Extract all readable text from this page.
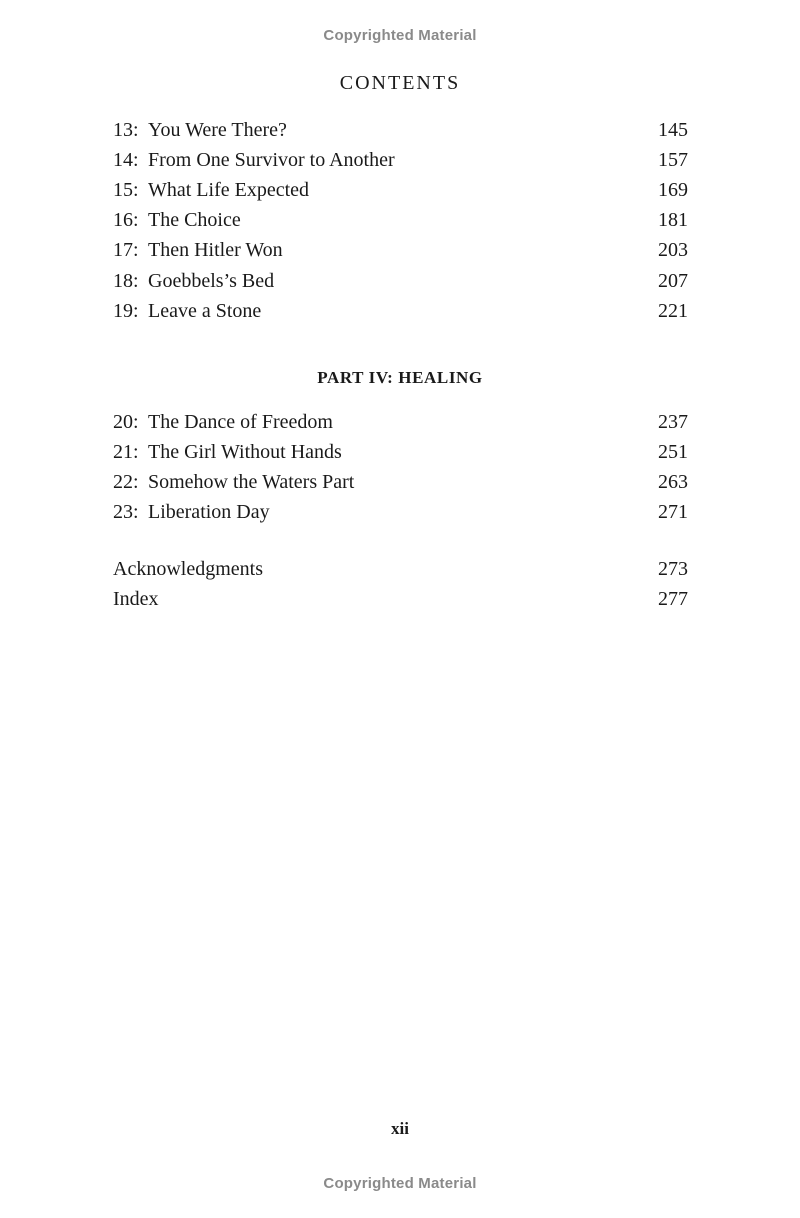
Copyrighted Material
CONTENTS
13: You Were There?	145
14: From One Survivor to Another	157
15: What Life Expected	169
16: The Choice	181
17: Then Hitler Won	203
18: Goebbels’s Bed	207
19: Leave a Stone	221
PART IV: HEALING
20: The Dance of Freedom	237
21: The Girl Without Hands	251
22: Somehow the Waters Part	263
23: Liberation Day	271
Acknowledgments	273
Index	277
xii
Copyrighted Material
